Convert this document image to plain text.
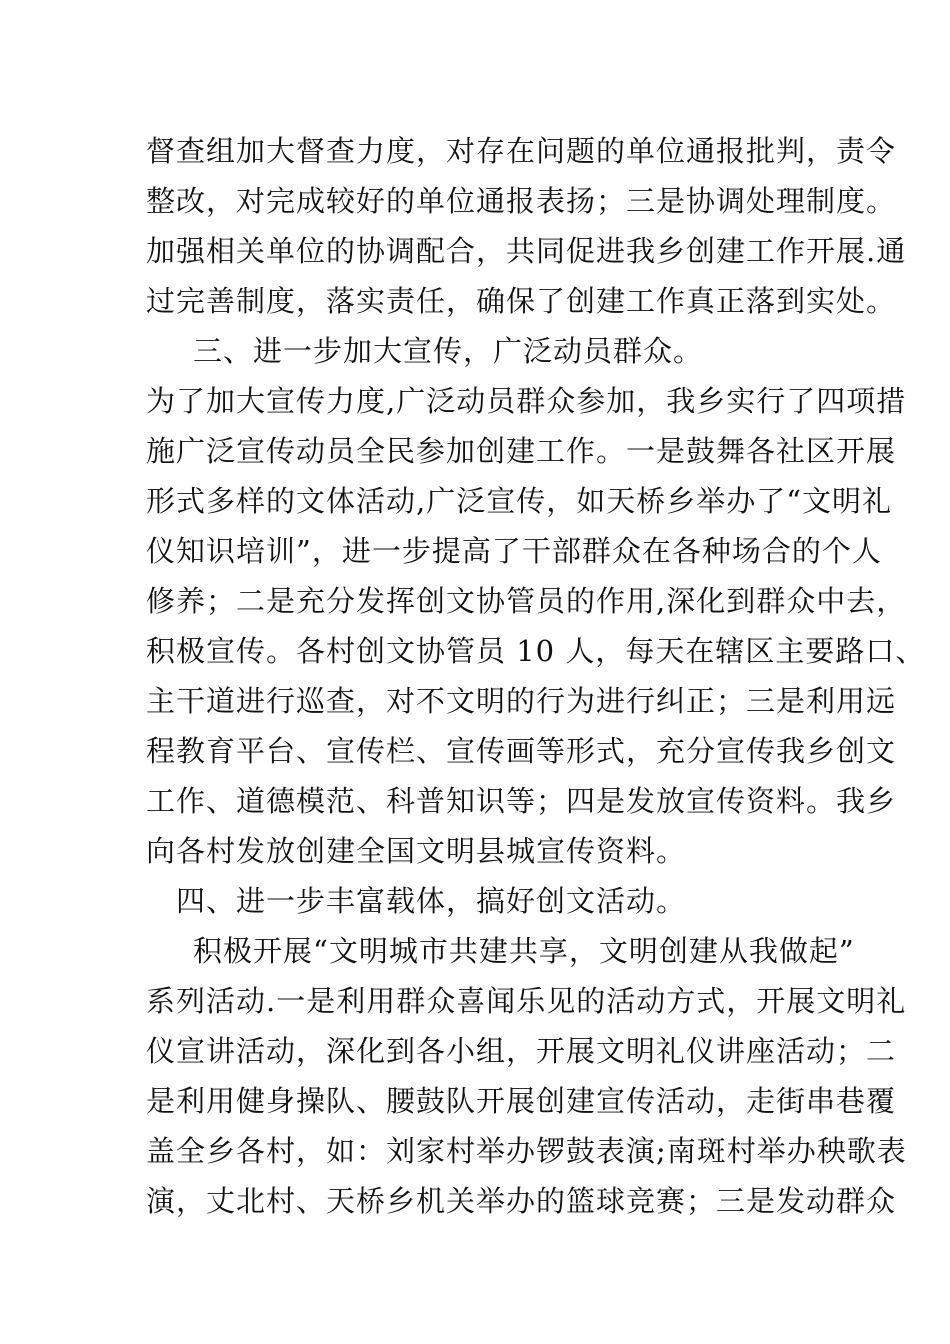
督查组加大督查力度，对存在问题的单位通报批判，责令
整改，对完成较好的单位通报表扬；三是协调处理制度。
加强相关单位的协调配合，共同促进我乡创建工作开展.通
过完善制度，落实责任，确保了创建工作真正落到实处。
三、进一步加大宣传，广泛动员群众。
为了加大宣传力度,广泛动员群众参加，我乡实行了四项措
施广泛宣传动员全民参加创建工作。一是鼓舞各社区开展
形式多样的文体活动,广泛宣传，如天桥乡举办了“文明礼
仪知识培训”，进一步提高了干部群众在各种场合的个人
修养；二是充分发挥创文协管员的作用,深化到群众中去，
积极宣传。各村创文协管员 10 人，每天在辖区主要路口、
主干道进行巡查，对不文明的行为进行纠正；三是利用远
程教育平台、宣传栏、宣传画等形式，充分宣传我乡创文
工作、道德模范、科普知识等；四是发放宣传资料。我乡
向各村发放创建全国文明县城宣传资料。
四、进一步丰富载体，搞好创文活动。
积极开展“文明城市共建共享，文明创建从我做起”
系列活动.一是利用群众喜闻乐见的活动方式，开展文明礼
仪宣讲活动，深化到各小组，开展文明礼仪讲座活动；二
是利用健身操队、腰鼓队开展创建宣传活动，走街串巷覆
盖全乡各村，如：刘家村举办锣鼓表演;南斑村举办秧歌表
演，丈北村、天桥乡机关举办的篮球竞赛；三是发动群众
